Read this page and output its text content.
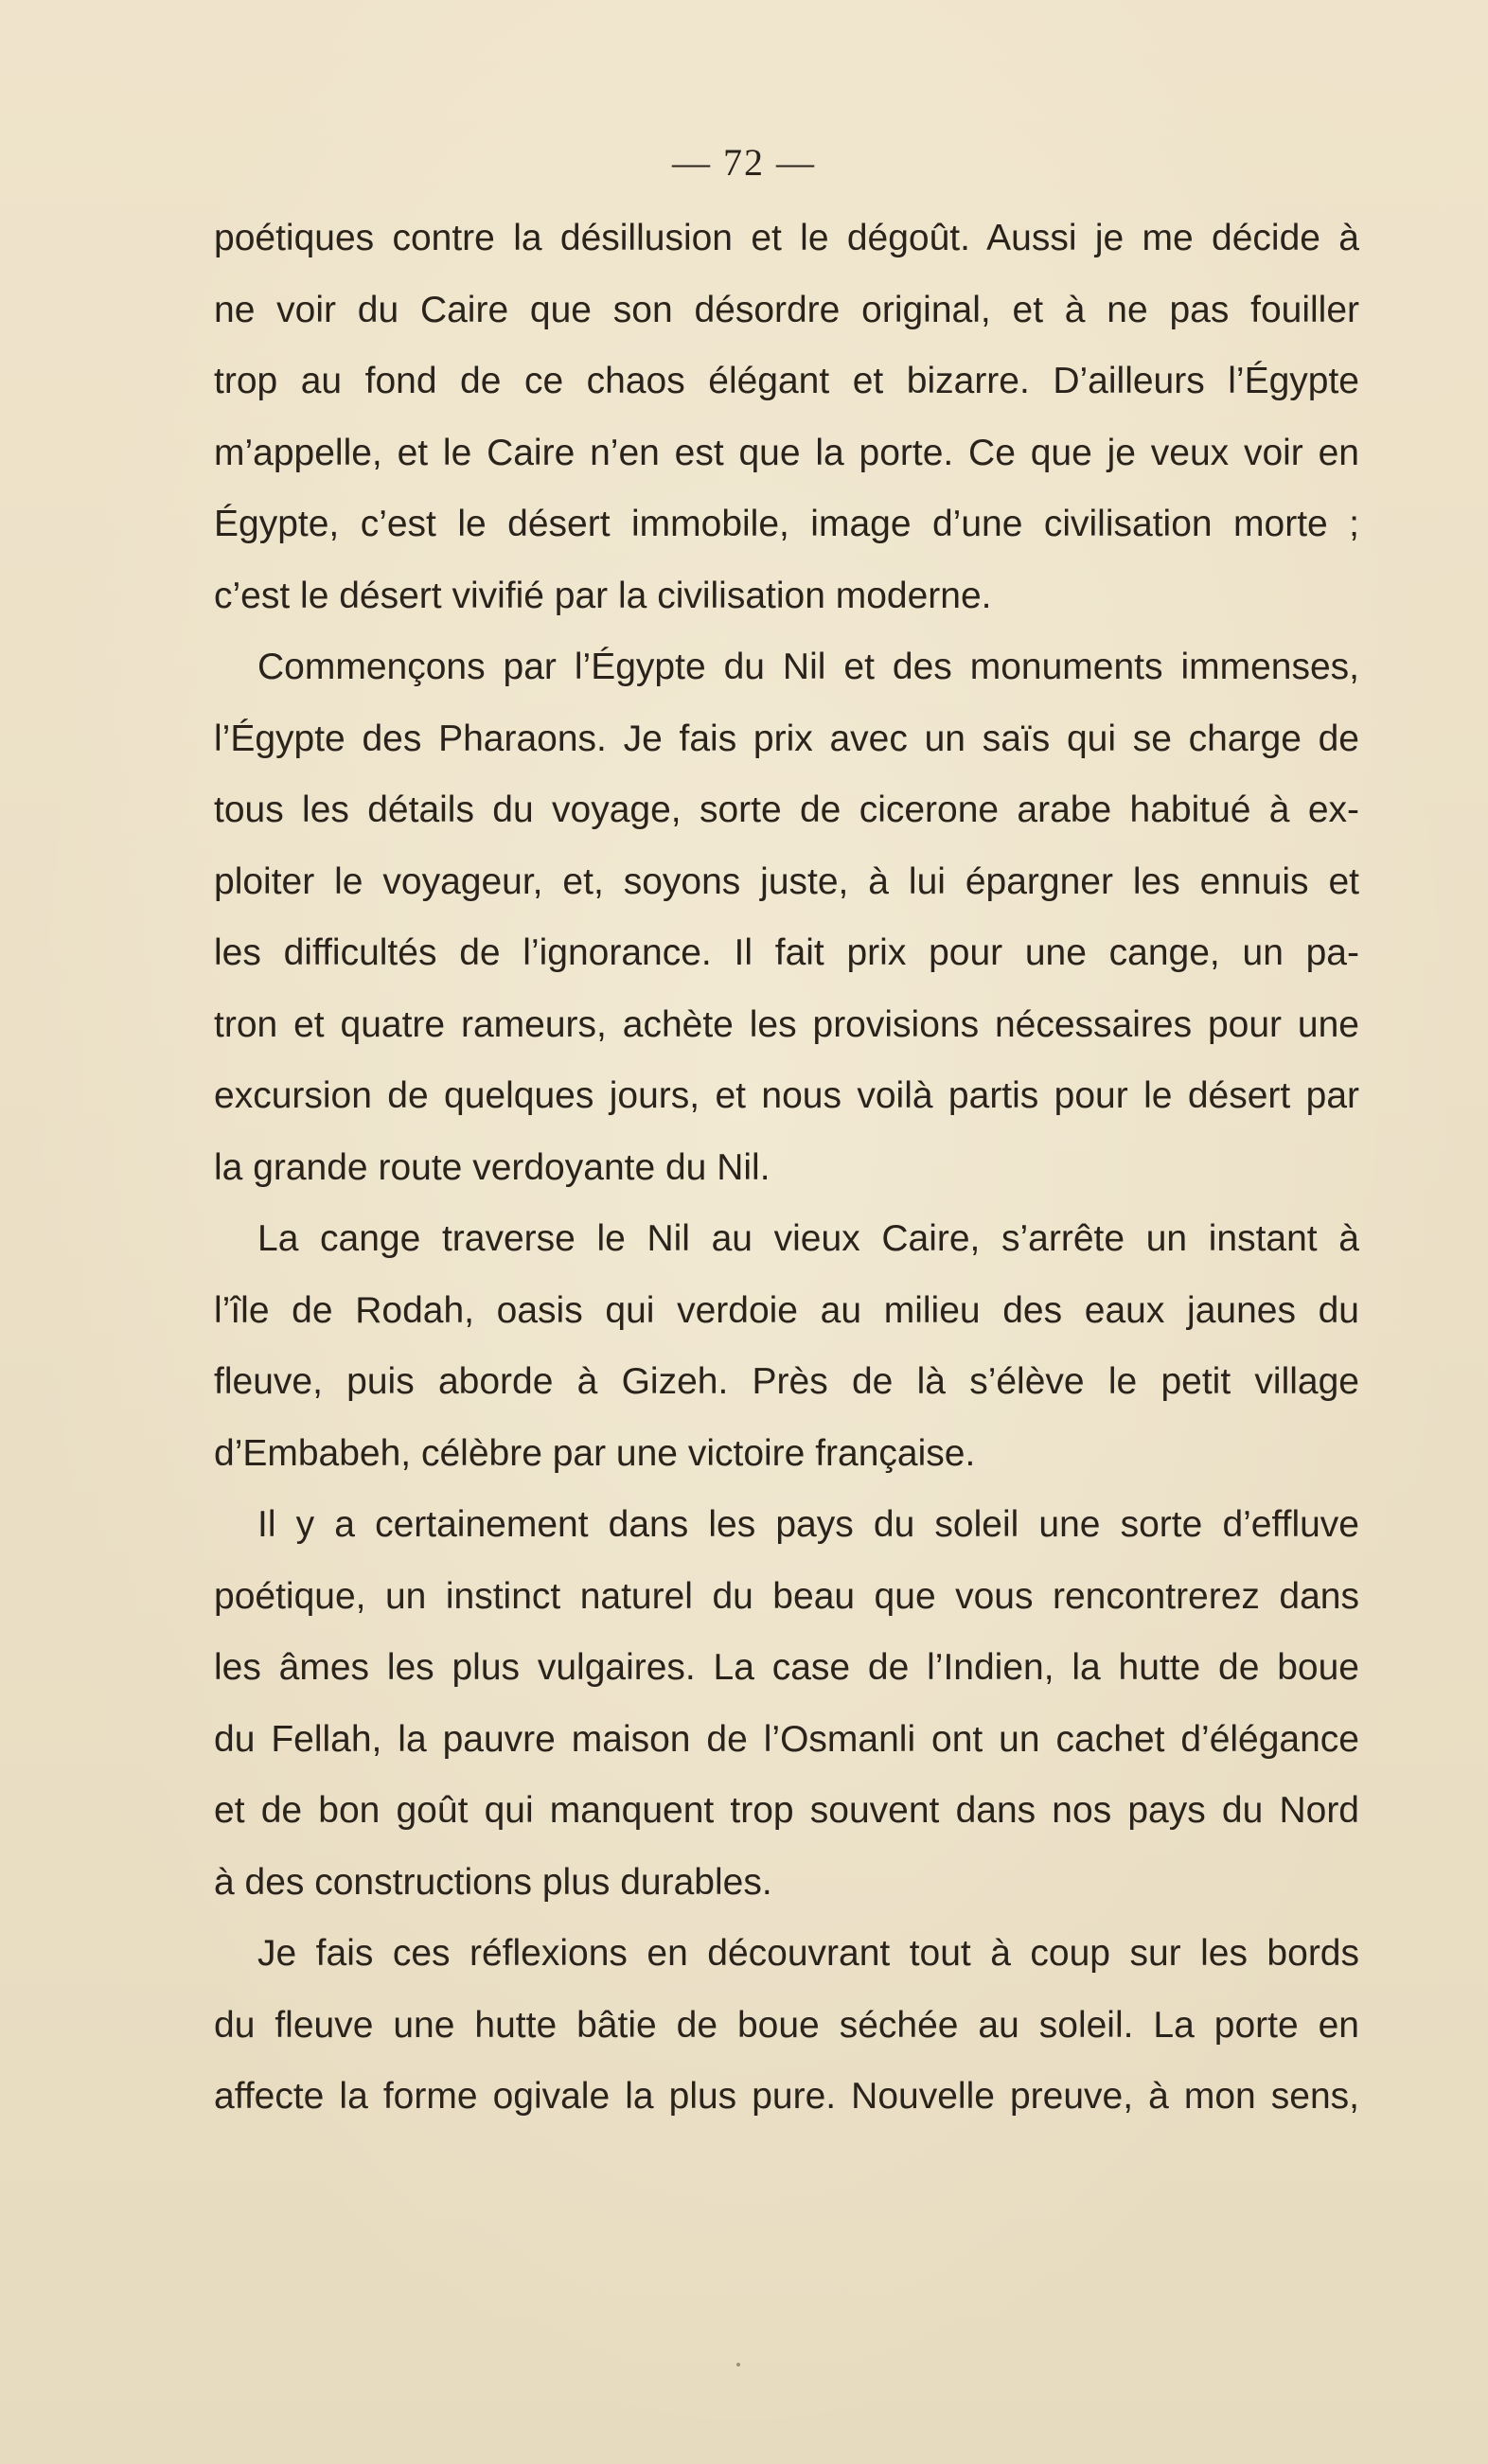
— 72 —

poétiques contre la désillusion et le dégoût. Aussi je me décide à
ne voir du Caire que son désordre original, et à ne pas fouiller
trop au fond de ce chaos élégant et bizarre. D’ailleurs l’Égypte
m’appelle, et le Caire n’en est que la porte. Ce que je veux voir en
Égypte, c’est le désert immobile, image d’une civilisation morte ;
c’est le désert vivifié par la civilisation moderne.

Commençons par l’Égypte du Nil et des monuments immenses,
l’Égypte des Pharaons. Je fais prix avec un saïs qui se charge de
tous les détails du voyage, sorte de cicerone arabe habitué à ex-
ploiter le voyageur, et, soyons juste, à lui épargner les ennuis et
les difficultés de l’ignorance. Il fait prix pour une cange, un pa-
tron et quatre rameurs, achète les provisions nécessaires pour une
excursion de quelques jours, et nous voilà partis pour le désert par
la grande route verdoyante du Nil.

La cange traverse le Nil au vieux Caire, s’arrête un instant à
l’île de Rodah, oasis qui verdoie au milieu des eaux jaunes du
fleuve, puis aborde à Gizeh. Près de là s’élève le petit village
d’Embabeh, célèbre par une victoire française.

Il y a certainement dans les pays du soleil une sorte d’effluve
poétique, un instinct naturel du beau que vous rencontrerez dans
les âmes les plus vulgaires. La case de l’Indien, la hutte de boue
du Fellah, la pauvre maison de l’Osmanli ont un cachet d’élégance
et de bon goût qui manquent trop souvent dans nos pays du Nord
à des constructions plus durables.

Je fais ces réflexions en découvrant tout à coup sur les bords
du fleuve une hutte bâtie de boue séchée au soleil. La porte en
affecte la forme ogivale la plus pure. Nouvelle preuve, à mon sens,
